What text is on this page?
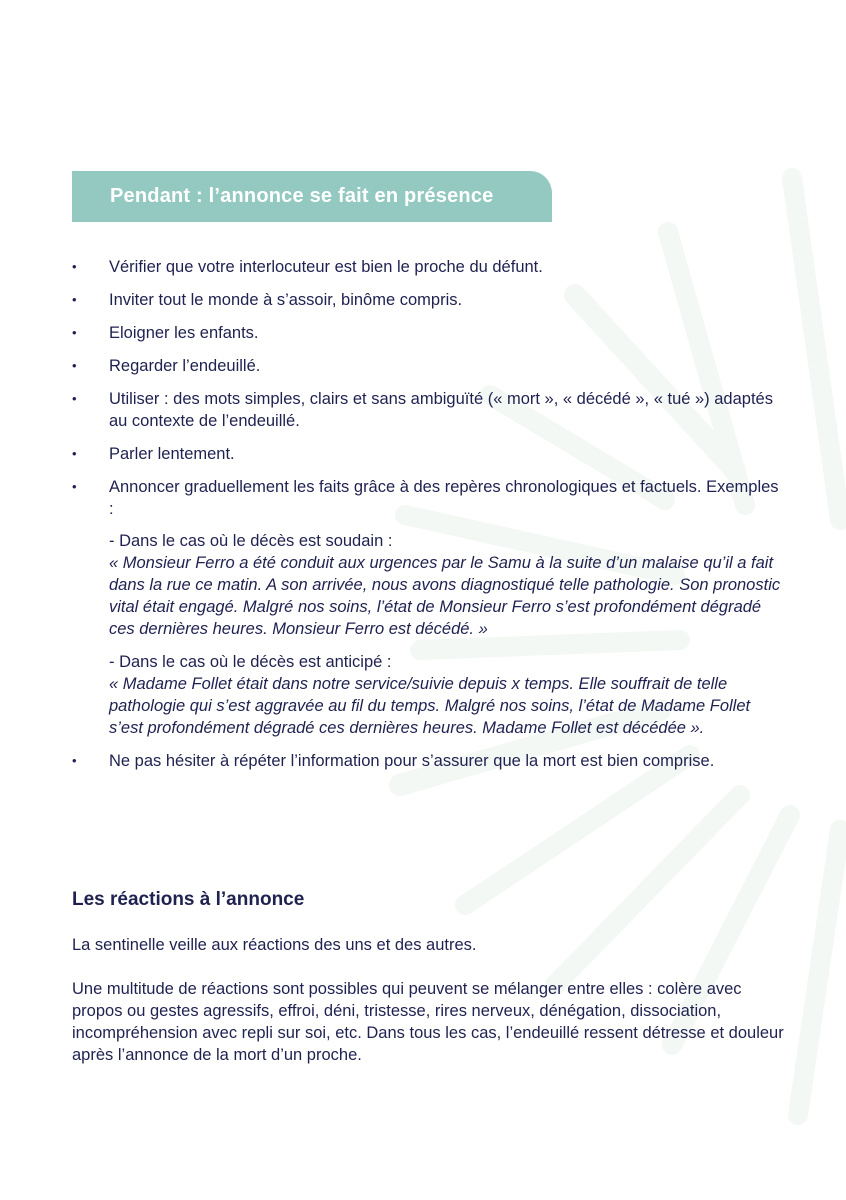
Pendant : l’annonce se fait en présence
• Vérifier que votre interlocuteur est bien le proche du défunt.
• Inviter tout le monde à s’assoir, binôme compris.
• Eloigner les enfants.
• Regarder l’endeuillé.
• Utiliser : des mots simples, clairs et sans ambiguïté (« mort », « décédé », « tué ») adaptés au contexte de l’endeuillé.
• Parler lentement.
• Annoncer graduellement les faits grâce à des repères chronologiques et factuels. Exemples :
- Dans le cas où le décès est soudain :
« Monsieur Ferro a été conduit aux urgences par le Samu à la suite d’un malaise qu’il a fait dans la rue ce matin. A son arrivée, nous avons diagnostiqué telle pathologie. Son pronostic vital était engagé. Malgré nos soins, l’état de Monsieur Ferro s’est profondément dégradé ces dernières heures. Monsieur Ferro est décédé. »
- Dans le cas où le décès est anticipé :
« Madame Follet était dans notre service/suivie depuis x temps. Elle souffrait de telle pathologie qui s’est aggravée au fil du temps. Malgré nos soins, l’état de Madame Follet s’est profondément dégradé ces dernières heures. Madame Follet est décédée ».
• Ne pas hésiter à répéter l’information pour s’assurer que la mort est bien comprise.
Les réactions à l’annonce

La sentinelle veille aux réactions des uns et des autres.

Une multitude de réactions sont possibles qui peuvent se mélanger entre elles : colère avec propos ou gestes agressifs, effroi, déni, tristesse, rires nerveux, dénégation, dissociation, incompréhension avec repli sur soi, etc. Dans tous les cas, l’endeuillé ressent détresse et douleur après l’annonce de la mort d’un proche.
